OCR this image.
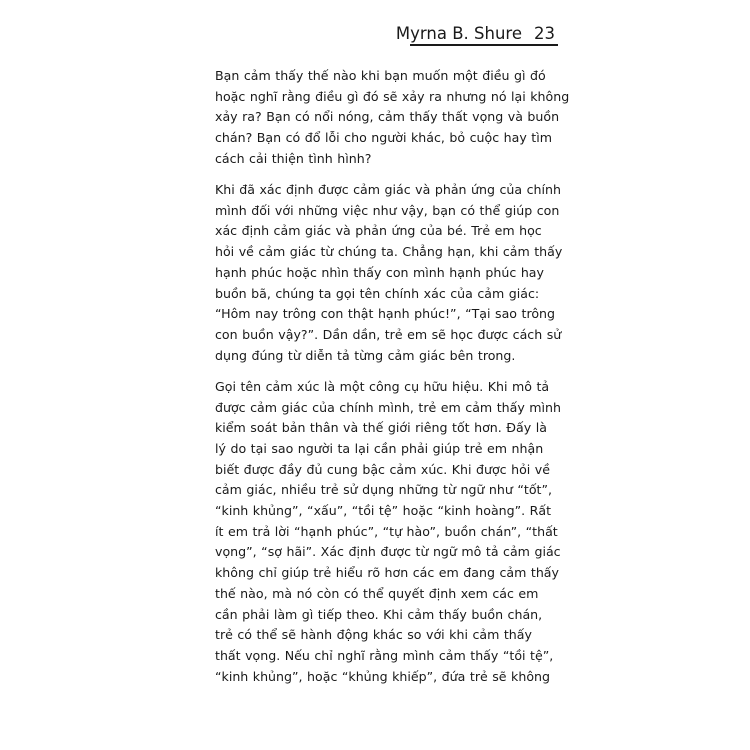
Myrna B. Shure 23

Bạn cảm thấy thế nào khi bạn muốn một điều gì đó
hoặc nghĩ rằng điều gì đó sẽ xảy ra nhưng nó lại không
xảy ra? Bạn có nổi nóng, cảm thấy thất vọng và buồn
chán? Bạn có đổ lỗi cho người khác, bỏ cuộc hay tìm
cách cải thiện tình hình?

Khi đã xác định được cảm giác và phản ứng của chính
mình đối với những việc như vậy, bạn có thể giúp con
xác định cảm giác và phản ứng của bé. Trẻ em học
hỏi về cảm giác từ chúng ta. Chẳng hạn, khi cảm thấy
hạnh phúc hoặc nhìn thấy con mình hạnh phúc hay
buồn bã, chúng ta gọi tên chính xác của cảm giác:
“Hôm nay trông con thật hạnh phúc!”, “Tại sao trông
con buồn vậy?”. Dần dần, trẻ em sẽ học được cách sử
dụng đúng từ diễn tả từng cảm giác bên trong.

Gọi tên cảm xúc là một công cụ hữu hiệu. Khi mô tả
được cảm giác của chính mình, trẻ em cảm thấy mình
kiểm soát bản thân và thế giới riêng tốt hơn. Đấy là
lý do tại sao người ta lại cần phải giúp trẻ em nhận
biết được đầy đủ cung bậc cảm xúc. Khi được hỏi về
cảm giác, nhiều trẻ sử dụng những từ ngữ như “tốt”,
“kinh khủng”, “xấu”, “tồi tệ” hoặc “kinh hoàng”. Rất
ít em trả lời “hạnh phúc”, “tự hào”, buồn chán”, “thất
vọng”, “sợ hãi”. Xác định được từ ngữ mô tả cảm giác
không chỉ giúp trẻ hiểu rõ hơn các em đang cảm thấy
thế nào, mà nó còn có thể quyết định xem các em
cần phải làm gì tiếp theo. Khi cảm thấy buồn chán,
trẻ có thể sẽ hành động khác so với khi cảm thấy
thất vọng. Nếu chỉ nghĩ rằng mình cảm thấy “tồi tệ”,
“kinh khủng”, hoặc “khủng khiếp”, đứa trẻ sẽ không
